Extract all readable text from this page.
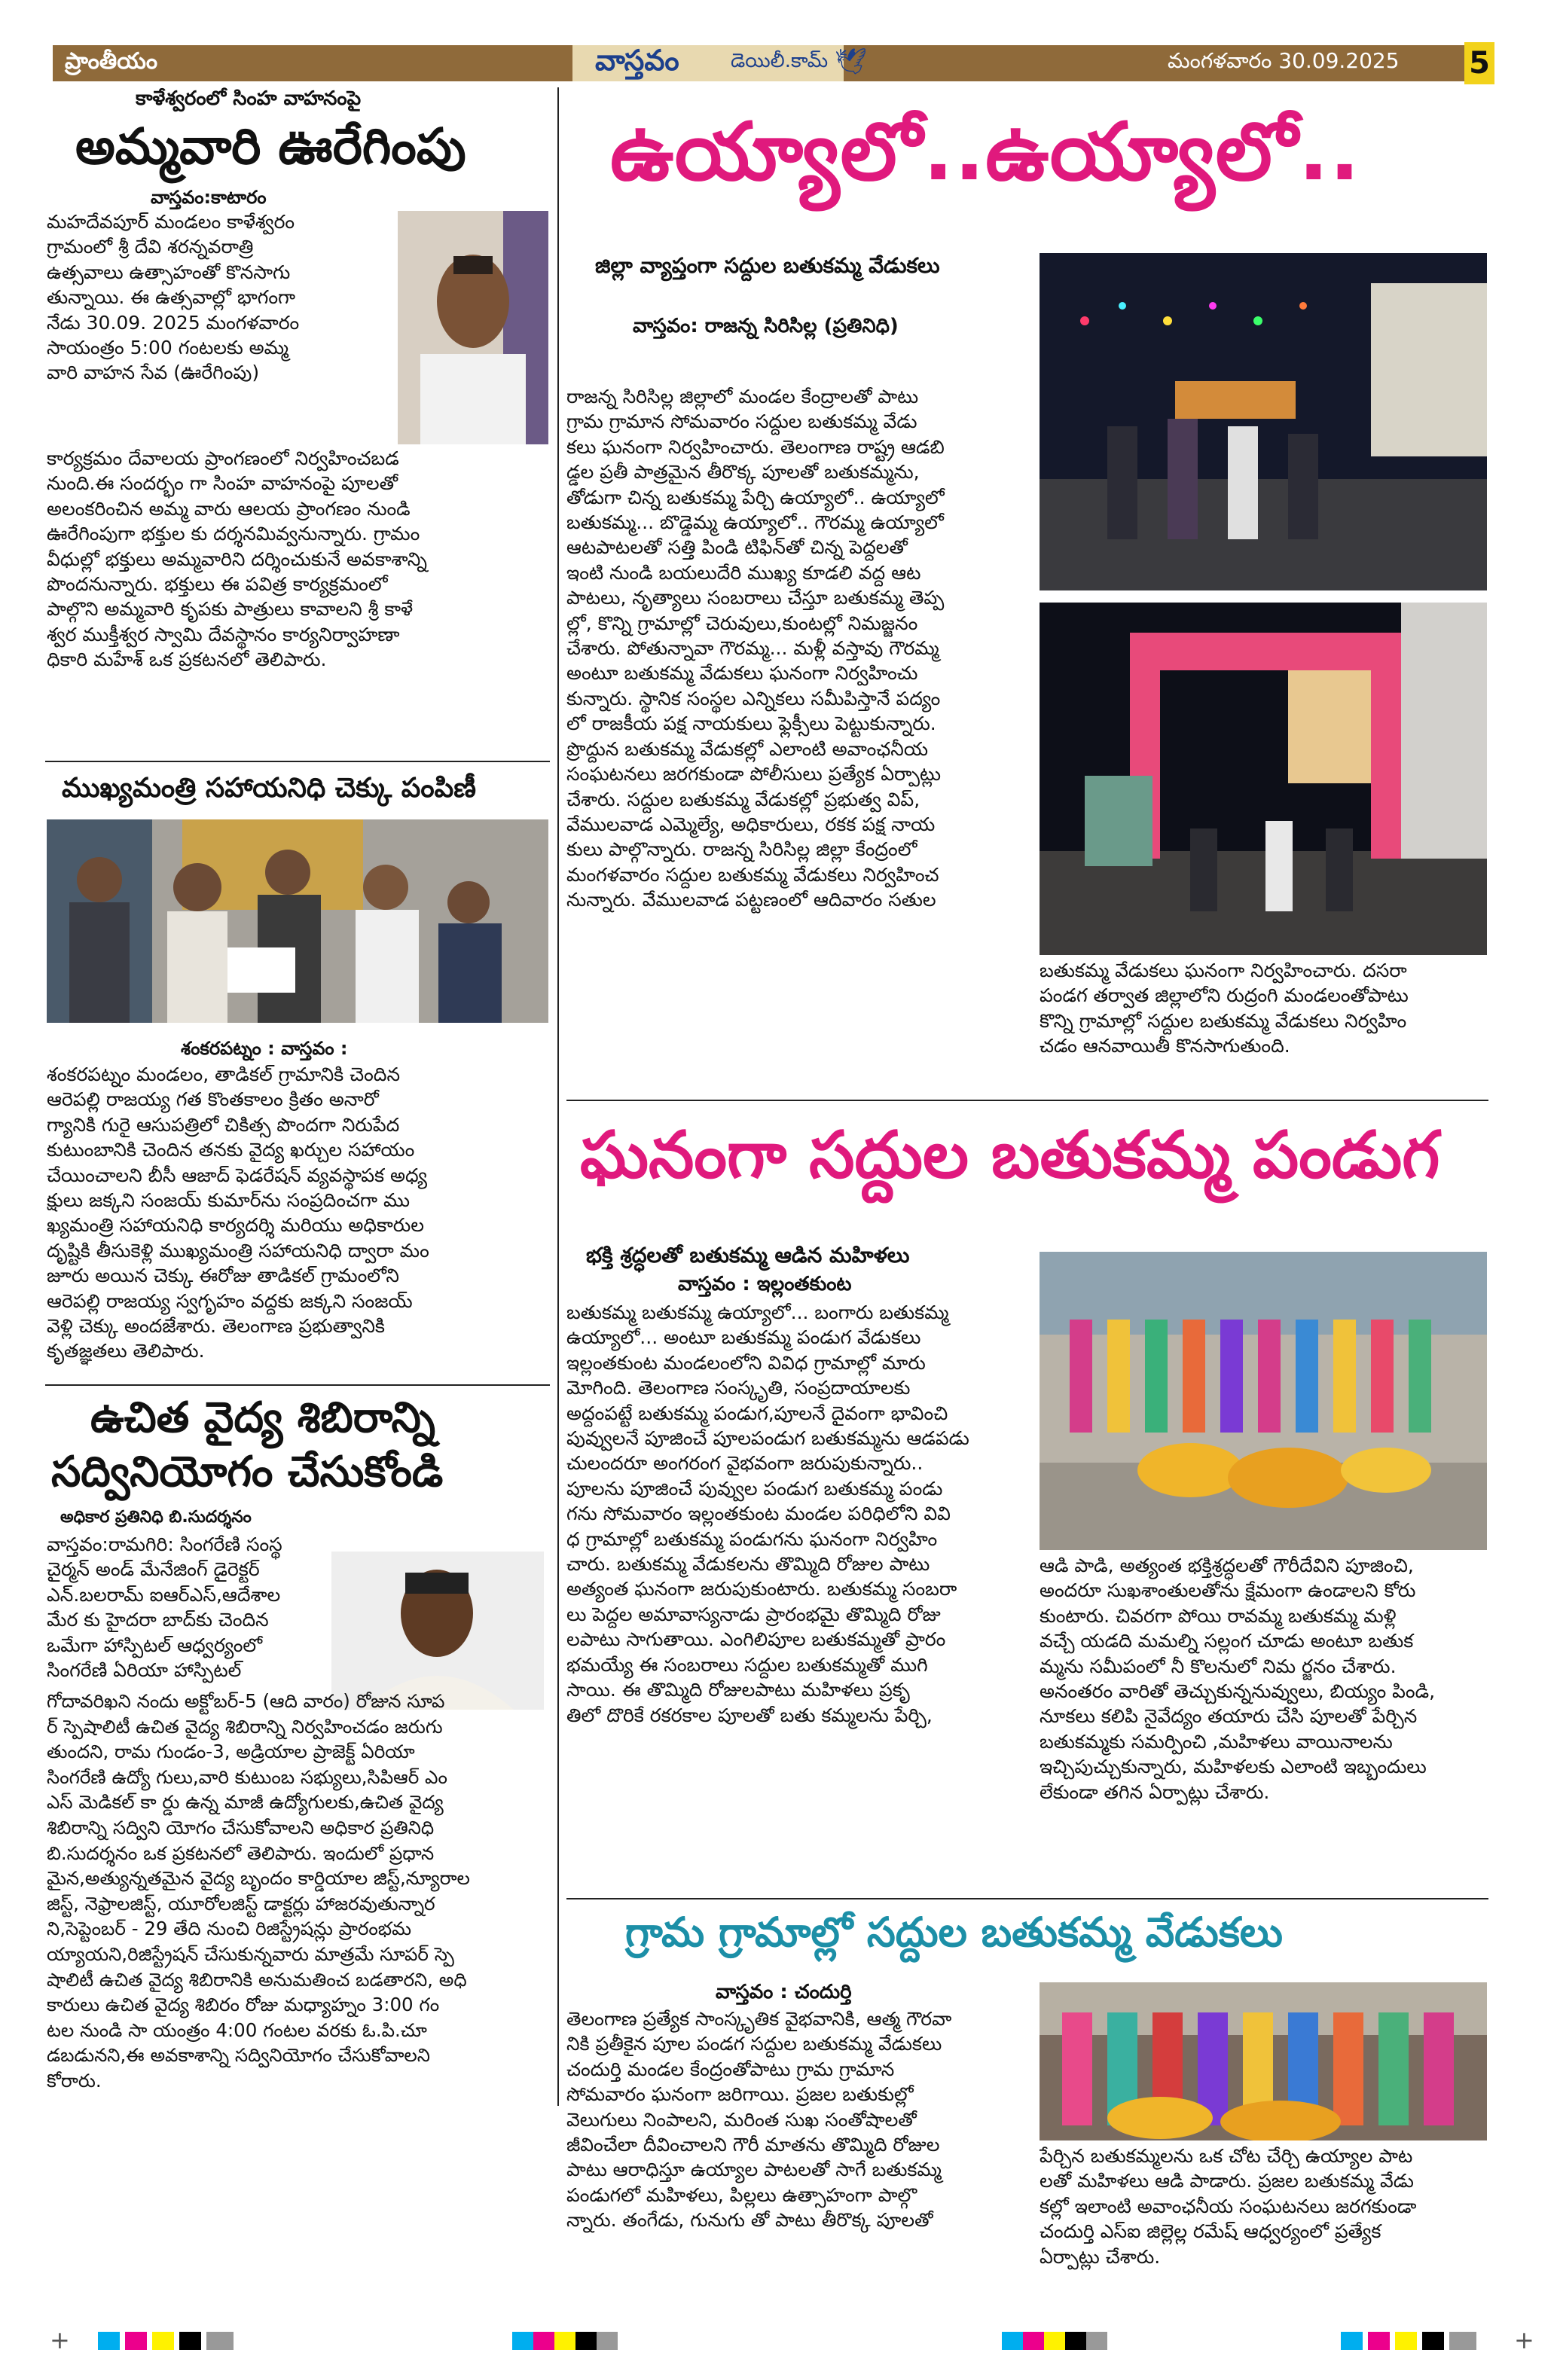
ప్రాంతీయం	వాస్తవం	డెయిలీ.కామ్ 🕊	మంగళవారం 30.09.2025 5
కాళేశ్వరంలో సింహ వాహనంపై
అమ్మవారి ఊరేగింపు
వాస్తవం:కాటారం
మహదేవపూర్ మండలం కాళేశ్వరం
గ్రామంలో శ్రీ దేవి శరన్నవరాత్రి
ఉత్సవాలు ఉత్సాహంతో కొనసాగు
తున్నాయి. ఈ ఉత్సవాల్లో భాగంగా
నేడు 30.09. 2025 మంగళవారం
సాయంత్రం 5:00 గంటలకు అమ్మ
వారి వాహన సేవ (ఊరేగింపు)
కార్యక్రమం దేవాలయ ప్రాంగణంలో నిర్వహించబడ
నుంది.ఈ సందర్భం గా సింహ వాహనంపై పూలతో
అలంకరించిన అమ్మ వారు ఆలయ ప్రాంగణం నుండి
ఊరేగింపుగా భక్తుల కు దర్శనమివ్వనున్నారు. గ్రామం
వీధుల్లో భక్తులు అమ్మవారిని దర్శించుకునే అవకాశాన్ని
పొందనున్నారు. భక్తులు ఈ పవిత్ర కార్యక్రమంలో
పాల్గొని అమ్మవారి కృపకు పాత్రులు కావాలని శ్రీ కాళే
శ్వర ముక్తీశ్వర స్వామి దేవస్థానం కార్యనిర్వాహణా
ధికారి మహేశ్ ఒక ప్రకటనలో తెలిపారు.
ముఖ్యమంత్రి సహాయనిధి చెక్కు పంపిణీ
శంకరపట్నం : వాస్తవం :
శంకరపట్నం మండలం, తాడికల్ గ్రామానికి చెందిన
ఆరెపల్లి రాజయ్య గత కొంతకాలం క్రితం అనారో
గ్యానికి గురై ఆసుపత్రిలో చికిత్స పొందగా నిరుపేద
కుటుంబానికి చెందిన తనకు వైద్య ఖర్చుల సహాయం
చేయించాలని బీసీ ఆజాద్ ఫెడరేషన్ వ్యవస్థాపక అధ్య
క్షులు జక్కని సంజయ్ కుమార్‌ను సంప్రదించగా ము
ఖ్యమంత్రి సహాయనిధి కార్యదర్శి మరియు అధికారుల
దృష్టికి తీసుకెళ్లి ముఖ్యమంత్రి సహాయనిధి ద్వారా మం
జూరు అయిన చెక్కు ఈరోజు తాడికల్ గ్రామంలోని
ఆరెపల్లి రాజయ్య స్వగృహం వద్దకు జక్కని సంజయ్
వెళ్లి చెక్కు అందజేశారు. తెలంగాణ ప్రభుత్వానికి
కృతజ్ఞతలు తెలిపారు.
ఉచిత వైద్య శిబిరాన్ని
సద్వినియోగం చేసుకోండి
అధికార ప్రతినిధి బి.సుదర్శనం
వాస్తవం:రామగిరి: సింగరేణి సంస్థ
చైర్మన్ అండ్ మేనేజింగ్ డైరెక్టర్
ఎన్.బలరామ్ ఐఆర్ఎస్,ఆదేశాల
మేర కు హైదరా బాద్‌కు చెందిన
ఒమేగా హాస్పిటల్ ఆధ్వర్యంలో
సింగరేణి ఏరియా హాస్పిటల్
గోదావరిఖని నందు అక్టోబర్-5 (ఆది వారం) రోజున సూప
ర్ స్పెషాలిటీ ఉచిత వైద్య శిబిరాన్ని నిర్వహించడం జరుగు
తుందని, రామ గుండం-3, అడ్రియాల ప్రాజెక్ట్ ఏరియా
సింగరేణి ఉద్యో గులు,వారి కుటుంబ సభ్యులు,సిపిఆర్ ఎం
ఎస్ మెడికల్ కా ర్డు ఉన్న మాజీ ఉద్యోగులకు,ఉచిత వైద్య
శిబిరాన్ని సద్విని యోగం చేసుకోవాలని అధికార ప్రతినిధి
బి.సుదర్శనం ఒక ప్రకటనలో తెలిపారు. ఇందులో ప్రధాన
మైన,అత్యున్నతమైన వైద్య బృందం కార్డియాల జిస్ట్,న్యూరాల
జిస్ట్, నెఫ్రాలజిస్ట్, యూరోలజిస్ట్ డాక్టర్లు హాజరవుతున్నార
ని,సెప్టెంబర్ - 29 తేది నుంచి రిజిస్ట్రేషన్లు ప్రారంభమ
య్యాయని,రిజిస్ట్రేషన్ చేసుకున్నవారు మాత్రమే సూపర్ స్పె
షాలిటీ ఉచిత వైద్య శిబిరానికి అనుమతించ బడతారని, అధి
కారులు ఉచిత వైద్య శిబిరం రోజు మధ్యాహ్నం 3:00 గం
టల నుండి సా యంత్రం 4:00 గంటల వరకు ఓ.పి.చూ
డబడునని,ఈ అవకాశాన్ని సద్వినియోగం చేసుకోవాలని
కోరారు.
ఉయ్యాలో..ఉయ్యాలో..
జిల్లా వ్యాప్తంగా సద్దుల బతుకమ్మ వేడుకలు
వాస్తవం: రాజన్న సిరిసిల్ల (ప్రతినిధి)
రాజన్న సిరిసిల్ల జిల్లాలో మండల కేంద్రాలతో పాటు
గ్రామ గ్రామాన సోమవారం సద్దుల బతుకమ్మ వేడు
కలు ఘనంగా నిర్వహించారు. తెలంగాణ రాష్ట్ర ఆడబి
డ్డల ప్రతీ పాత్రమైన తీరొక్క పూలతో బతుకమ్మను,
తోడుగా చిన్న బతుకమ్మ పేర్చి ఉయ్యాలో.. ఉయ్యాలో
బతుకమ్మ... బొడ్డెమ్మ ఉయ్యాలో.. గౌరమ్మ ఉయ్యాలో
ఆటపాటలతో సత్తి పిండి టిఫిన్‌తో చిన్న పెద్దలతో
ఇంటి నుండి బయలుదేరి ముఖ్య కూడలి వద్ద ఆట
పాటలు, నృత్యాలు సంబరాలు చేస్తూ బతుకమ్మ తెప్ప
ల్లో, కొన్ని గ్రామాల్లో చెరువులు,కుంటల్లో నిమజ్జనం
చేశారు. పోతున్నావా గౌరమ్మ... మళ్లీ వస్తావు గౌరమ్మ
అంటూ బతుకమ్మ వేడుకలు ఘనంగా నిర్వహించు
కున్నారు. స్థానిక సంస్థల ఎన్నికలు సమీపిస్తానే పద్యం
లో రాజకీయ పక్ష నాయకులు ఫ్లెక్సీలు పెట్టుకున్నారు.
ప్రొద్దున బతుకమ్మ వేడుకల్లో ఎలాంటి అవాంఛనీయ
సంఘటనలు జరగకుండా పోలీసులు ప్రత్యేక ఏర్పాట్లు
చేశారు. సద్దుల బతుకమ్మ వేడుకల్లో ప్రభుత్వ విప్,
వేములవాడ ఎమ్మెల్యే, అధికారులు, రకక పక్ష నాయ
కులు పాల్గొన్నారు. రాజన్న సిరిసిల్ల జిల్లా కేంద్రంలో
మంగళవారం సద్దుల బతుకమ్మ వేడుకలు నిర్వహించ
నున్నారు. వేములవాడ పట్టణంలో ఆదివారం సతుల
బతుకమ్మ వేడుకలు ఘనంగా నిర్వహించారు. దసరా
పండగ తర్వాత జిల్లాలోని రుద్రంగి మండలంతోపాటు
కొన్ని గ్రామాల్లో సద్దుల బతుకమ్మ వేడుకలు నిర్వహిం
చడం ఆనవాయితీ కొనసాగుతుంది.
ఘనంగా సద్దుల బతుకమ్మ పండుగ
భక్తి శ్రద్ధలతో బతుకమ్మ ఆడిన మహిళలు
వాస్తవం : ఇల్లంతకుంట
బతుకమ్మ బతుకమ్మ ఉయ్యాలో... బంగారు బతుకమ్మ
ఉయ్యాలో... అంటూ బతుకమ్మ పండుగ వేడుకలు
ఇల్లంతకుంట మండలంలోని వివిధ గ్రామాల్లో మారు
మోగింది. తెలంగాణ సంస్కృతి, సంప్రదాయాలకు
అద్దంపట్టే బతుకమ్మ పండుగ,పూలనే దైవంగా భావించి
పువ్వులనే పూజించే పూలపండుగ బతుకమ్మను ఆడపడు
చులందరూ అంగరంగ వైభవంగా జరుపుకున్నారు..
పూలను పూజించే పువ్వుల పండుగ బతుకమ్మ పండు
గను సోమవారం ఇల్లంతకుంట మండల పరిధిలోని వివి
ధ గ్రామాల్లో బతుకమ్మ పండుగను ఘనంగా నిర్వహిం
చారు. బతుకమ్మ వేడుకలను తొమ్మిది రోజుల పాటు
అత్యంత ఘనంగా జరుపుకుంటారు. బతుకమ్మ సంబరా
లు పెద్దల అమావాస్యనాడు ప్రారంభమై తొమ్మిది రోజు
లపాటు సాగుతాయి. ఎంగిలిపూల బతుకమ్మతో ప్రారం
భమయ్యే ఈ సంబరాలు సద్దుల బతుకమ్మతో ముగి
సాయి. ఈ తొమ్మిది రోజులపాటు మహిళలు ప్రకృ
తిలో దొరికే రకరకాల పూలతో బతు కమ్మలను పేర్చి,
ఆడి పాడి, అత్యంత భక్తిశ్రద్ధలతో గౌరీదేవిని పూజించి,
అందరూ సుఖశాంతులతోను క్షేమంగా ఉండాలని కోరు
కుంటారు. చివరగా పోయి రావమ్మ బతుకమ్మ మళ్లి
వచ్చే యడది మమల్ని సల్లంగ చూడు అంటూ బతుక
మ్మను సమీపంలో నీ కొలనులో నిమ ర్జనం చేశారు.
అనంతరం వారితో తెచ్చుకున్ననువ్వులు, బియ్యం పిండి,
నూకలు కలిపి నైవేద్యం తయారు చేసి పూలతో పేర్చిన
బతుకమ్మకు సమర్పించి ,మహిళలు వాయినాలను
ఇచ్చిపుచ్చుకున్నారు, మహిళలకు ఎలాంటి ఇబ్బందులు
లేకుండా తగిన ఏర్పాట్లు చేశారు.
గ్రామ గ్రామాల్లో సద్దుల బతుకమ్మ వేడుకలు
వాస్తవం : చందుర్తి
తెలంగాణ ప్రత్యేక సాంస్కృతిక వైభవానికి, ఆత్మ గౌరవా
నికి ప్రతీకైన పూల పండగ సద్దుల బతుకమ్మ వేడుకలు
చందుర్తి మండల కేంద్రంతోపాటు గ్రామ గ్రామాన
సోమవారం ఘనంగా జరిగాయి. ప్రజల బతుకుల్లో
వెలుగులు నింపాలని, మరింత సుఖ సంతోషాలతో
జీవించేలా దీవించాలని గౌరీ మాతను తొమ్మిది రోజుల
పాటు ఆరాధిస్తూ ఉయ్యాల పాటలతో సాగే బతుకమ్మ
పండుగలో మహిళలు, పిల్లలు ఉత్సాహంగా పాల్గొ
న్నారు. తంగేడు, గునుగు తో పాటు తీరొక్క పూలతో
పేర్చిన బతుకమ్మలను ఒక చోట చేర్చి ఉయ్యాల పాట
లతో మహిళలు ఆడి పాడారు. ప్రజల బతుకమ్మ వేడు
కల్లో ఇలాంటి అవాంఛనీయ సంఘటనలు జరగకుండా
చందుర్తి ఎస్ఐ జిల్లెల్ల రమేష్ ఆధ్వర్యంలో ప్రత్యేక
ఏర్పాట్లు చేశారు.
+	+
